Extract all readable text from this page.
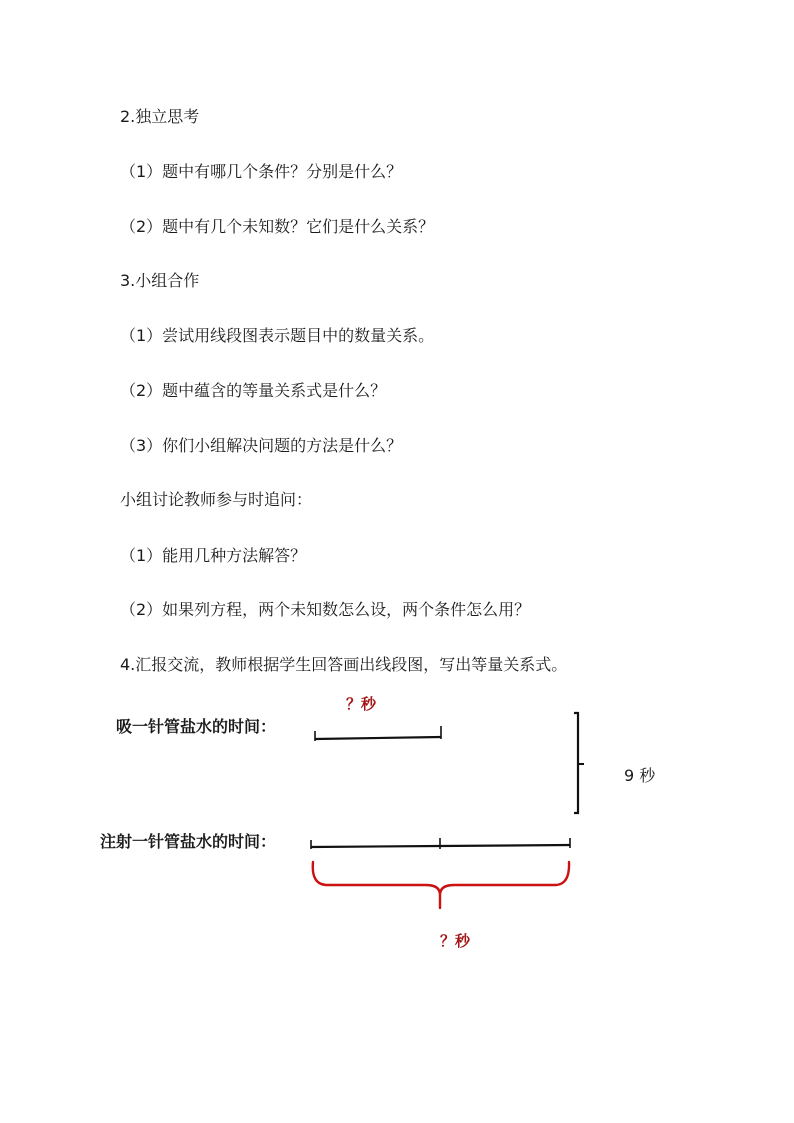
2.独立思考
（1）题中有哪几个条件？分别是什么？
（2）题中有几个未知数？它们是什么关系？
3.小组合作
（1）尝试用线段图表示题目中的数量关系。
（2）题中蕴含的等量关系式是什么？
（3）你们小组解决问题的方法是什么？
小组讨论教师参与时追问：
（1）能用几种方法解答？
（2）如果列方程，两个未知数怎么设，两个条件怎么用？
4.汇报交流，教师根据学生回答画出线段图，写出等量关系式。
？秒
吸一针管盐水的时间：
9 秒
注射一针管盐水的时间：
？秒
